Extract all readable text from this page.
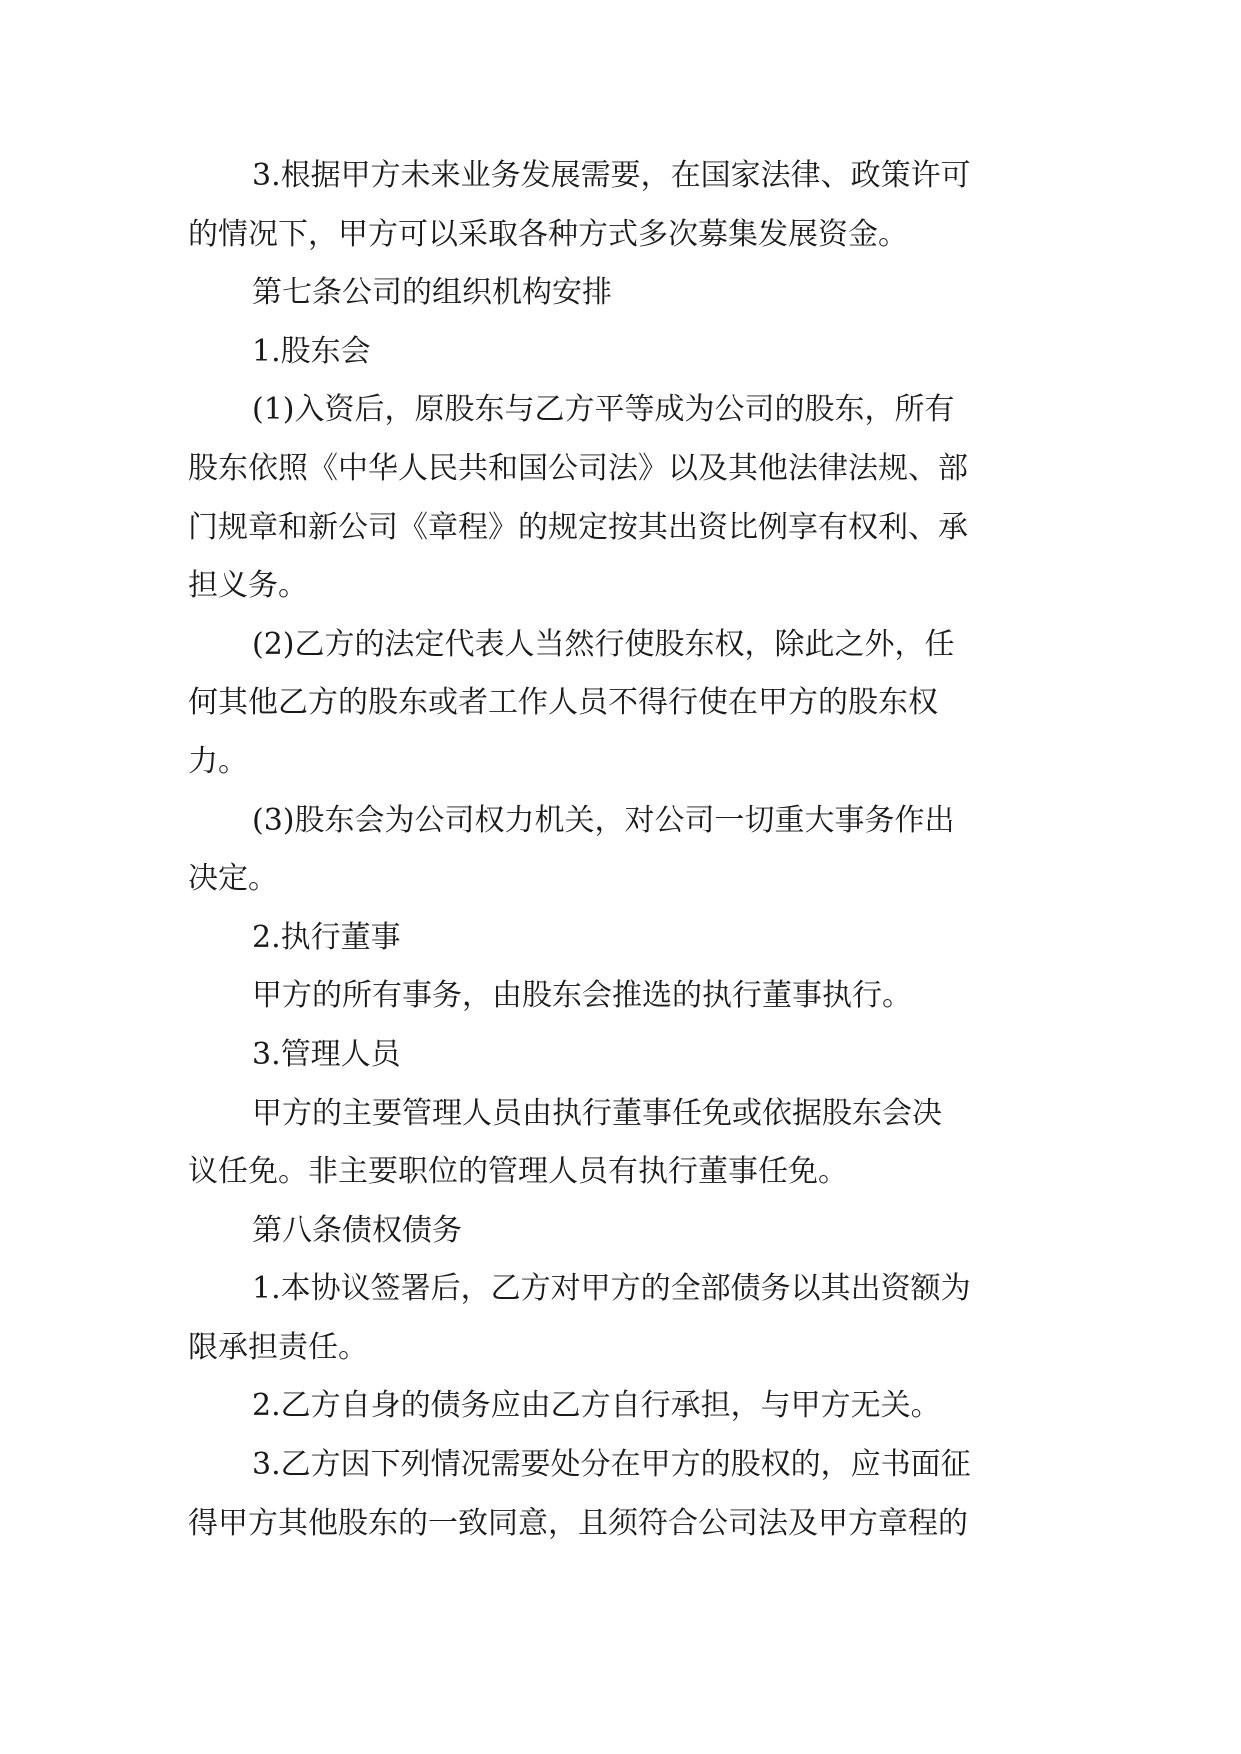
3.根据甲方未来业务发展需要，在国家法律、政策许可
的情况下，甲方可以采取各种方式多次募集发展资金。
第七条公司的组织机构安排
1.股东会
(1)入资后，原股东与乙方平等成为公司的股东，所有
股东依照《中华人民共和国公司法》以及其他法律法规、部
门规章和新公司《章程》的规定按其出资比例享有权利、承
担义务。
(2)乙方的法定代表人当然行使股东权，除此之外，任
何其他乙方的股东或者工作人员不得行使在甲方的股东权
力。
(3)股东会为公司权力机关，对公司一切重大事务作出
决定。
2.执行董事
甲方的所有事务，由股东会推选的执行董事执行。
3.管理人员
甲方的主要管理人员由执行董事任免或依据股东会决
议任免。非主要职位的管理人员有执行董事任免。
第八条债权债务
1.本协议签署后，乙方对甲方的全部债务以其出资额为
限承担责任。
2.乙方自身的债务应由乙方自行承担，与甲方无关。
3.乙方因下列情况需要处分在甲方的股权的，应书面征
得甲方其他股东的一致同意，且须符合公司法及甲方章程的
